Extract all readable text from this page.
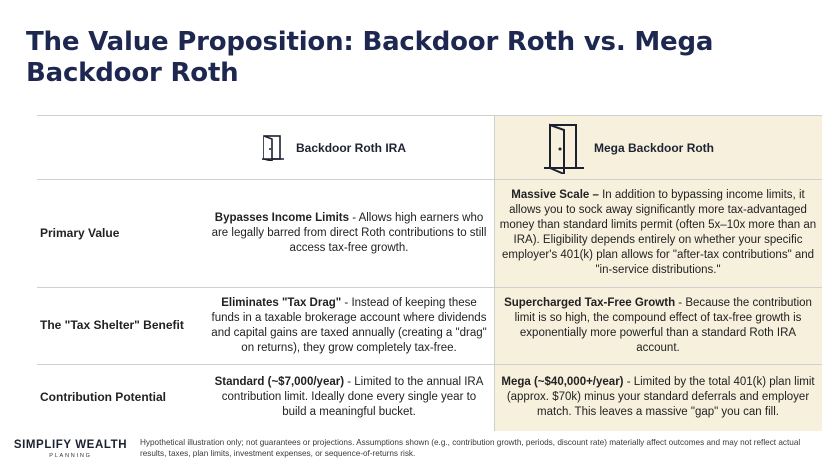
The Value Proposition: Backdoor Roth vs. Mega Backdoor Roth
Backdoor Roth IRA	Mega Backdoor Roth
Primary Value
Bypasses Income Limits - Allows high earners who are legally barred from direct Roth contributions to still access tax-free growth.
Massive Scale – In addition to bypassing income limits, it allows you to sock away significantly more tax-advantaged money than standard limits permit (often 5x–10x more than an IRA). Eligibility depends entirely on whether your specific employer's 401(k) plan allows for "after-tax contributions" and "in-service distributions."
The "Tax Shelter" Benefit
Eliminates "Tax Drag" - Instead of keeping these funds in a taxable brokerage account where dividends and capital gains are taxed annually (creating a "drag" on returns), they grow completely tax-free.
Supercharged Tax-Free Growth - Because the contribution limit is so high, the compound effect of tax-free growth is exponentially more powerful than a standard Roth IRA account.
Contribution Potential
Standard (~$7,000/year) - Limited to the annual IRA contribution limit. Ideally done every single year to build a meaningful bucket.
Mega (~$40,000+/year) - Limited by the total 401(k) plan limit (approx. $70k) minus your standard deferrals and employer match. This leaves a massive "gap" you can fill.
SIMPLIFY WEALTH
PLANNING
Hypothetical illustration only; not guarantees or projections. Assumptions shown (e.g., contribution growth, periods, discount rate) materially affect outcomes and may not reflect actual results, taxes, plan limits, investment expenses, or sequence-of-returns risk.
